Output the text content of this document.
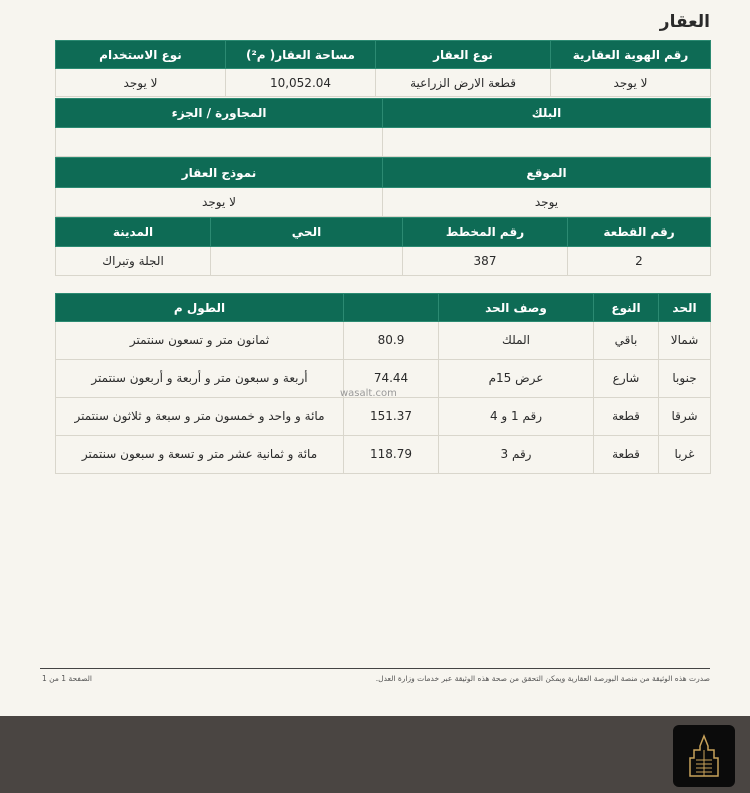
العقار
رقم الهوية العقارية	نوع العقار	مساحة العقار( م²)	نوع الاستخدام
لا يوجد	قطعة الارض الزراعية	10,052.04	لا يوجد
البلك	المجاورة / الجزء

الموقع	نموذج العقار
يوجد	لا يوجد
رقم القطعة	رقم المخطط	الحي	المدينة
2	387		الجلة وتبراك
الحد	النوع	وصف الحد		الطول م
شمالا	باقي	الملك	80.9	ثمانون متر و تسعون سنتمتر
جنوبا	شارع	عرض 15م	74.44	أربعة و سبعون متر و أربعة و أربعون سنتمتر
شرقا	قطعة	رقم 1 و 4	151.37	مائة و واحد و خمسون متر و سبعة و ثلاثون سنتمتر
غربا	قطعة	رقم 3	118.79	مائة و ثمانية عشر متر و تسعة و سبعون سنتمتر
wasalt.com
صدرت هذه الوثيقة من منصة البورصة العقارية ويمكن التحقق من صحة هذه الوثيقة عبر خدمات وزارة العدل.
الصفحة 1 من 1
